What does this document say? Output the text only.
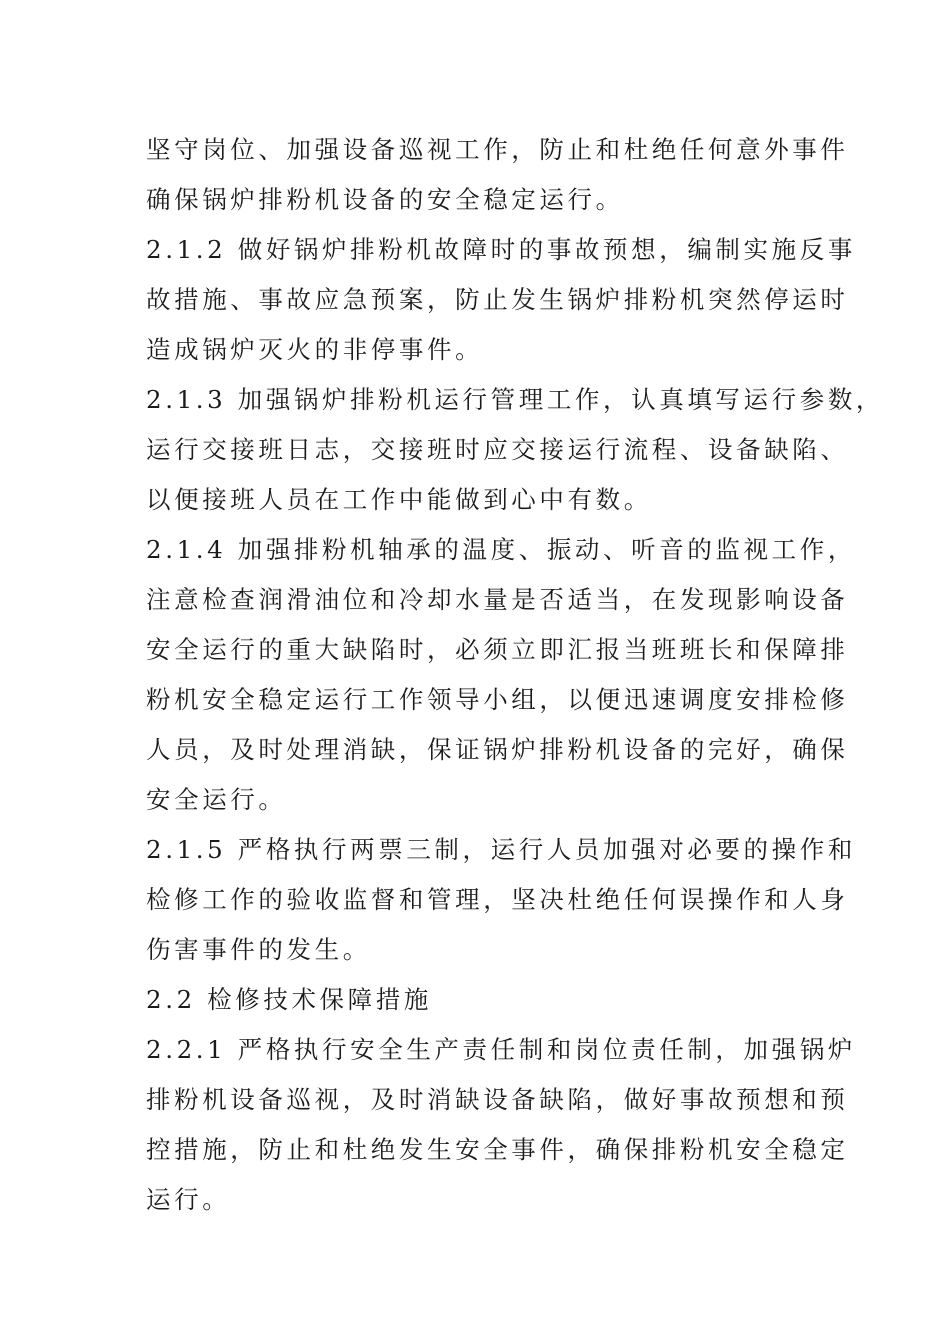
坚守岗位、加强设备巡视工作，防止和杜绝任何意外事件

确保锅炉排粉机设备的安全稳定运行。

2.1.2 做好锅炉排粉机故障时的事故预想，编制实施反事

故措施、事故应急预案，防止发生锅炉排粉机突然停运时

造成锅炉灭火的非停事件。

2.1.3 加强锅炉排粉机运行管理工作，认真填写运行参数，

运行交接班日志，交接班时应交接运行流程、设备缺陷、

以便接班人员在工作中能做到心中有数。

2.1.4 加强排粉机轴承的温度、振动、听音的监视工作，

注意检查润滑油位和冷却水量是否适当，在发现影响设备

安全运行的重大缺陷时，必须立即汇报当班班长和保障排

粉机安全稳定运行工作领导小组，以便迅速调度安排检修

人员，及时处理消缺，保证锅炉排粉机设备的完好，确保

安全运行。

2.1.5 严格执行两票三制，运行人员加强对必要的操作和

检修工作的验收监督和管理，坚决杜绝任何误操作和人身

伤害事件的发生。

2.2 检修技术保障措施

2.2.1 严格执行安全生产责任制和岗位责任制，加强锅炉

排粉机设备巡视，及时消缺设备缺陷，做好事故预想和预

控措施，防止和杜绝发生安全事件，确保排粉机安全稳定

运行。
